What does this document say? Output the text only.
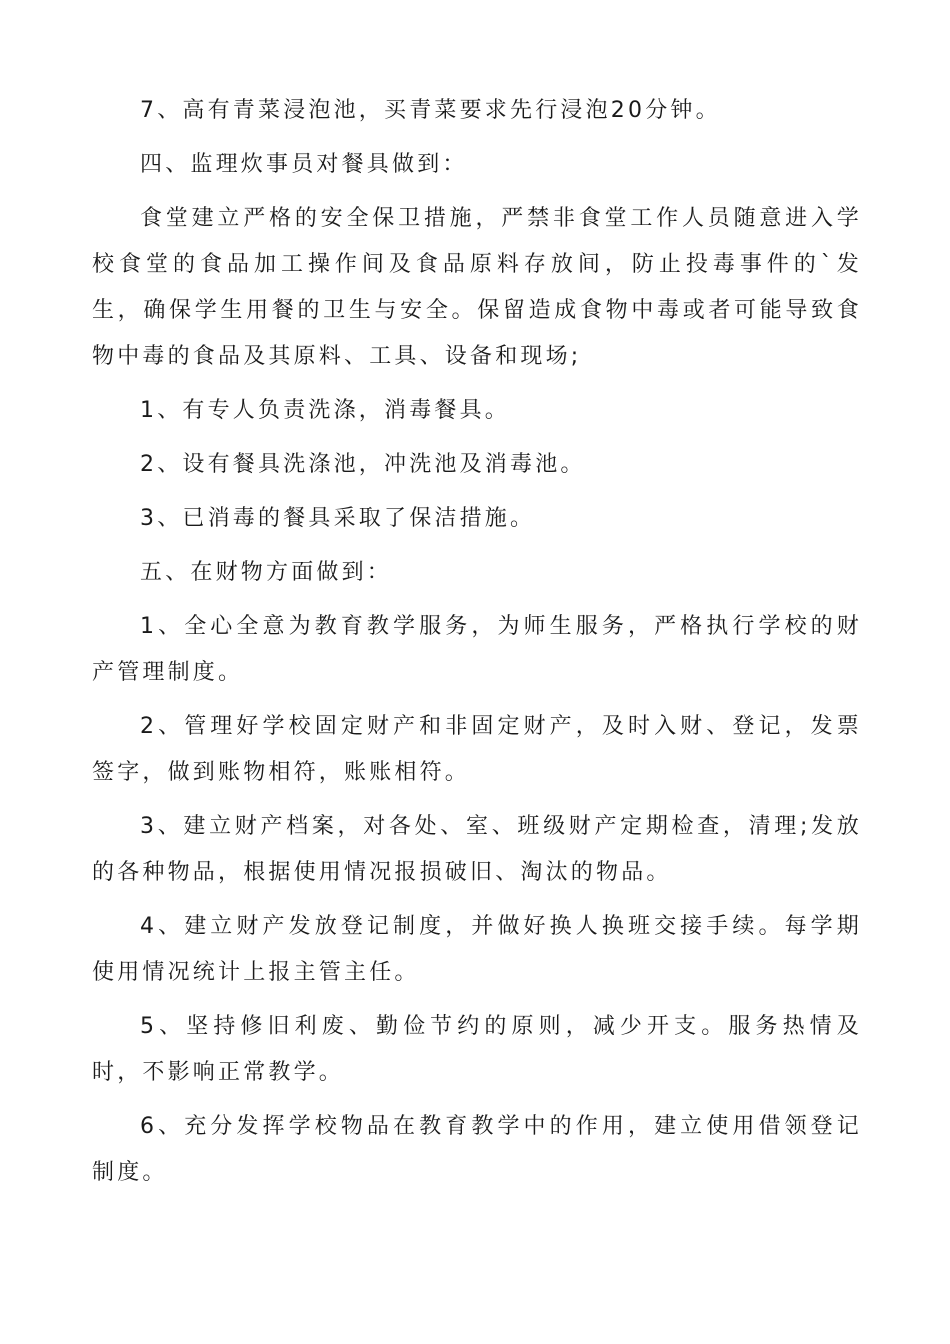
7、高有青菜浸泡池，买青菜要求先行浸泡20分钟。

四、监理炊事员对餐具做到：

食堂建立严格的安全保卫措施，严禁非食堂工作人员随意进入学校食堂的食品加工操作间及食品原料存放间，防止投毒事件的`发生，确保学生用餐的卫生与安全。保留造成食物中毒或者可能导致食物中毒的食品及其原料、工具、设备和现场;

1、有专人负责洗涤，消毒餐具。

2、设有餐具洗涤池，冲洗池及消毒池。

3、已消毒的餐具采取了保洁措施。

五、在财物方面做到：

1、全心全意为教育教学服务，为师生服务，严格执行学校的财产管理制度。

2、管理好学校固定财产和非固定财产，及时入财、登记，发票签字，做到账物相符，账账相符。

3、建立财产档案，对各处、室、班级财产定期检查，清理;发放的各种物品，根据使用情况报损破旧、淘汰的物品。

4、建立财产发放登记制度，并做好换人换班交接手续。每学期使用情况统计上报主管主任。

5、坚持修旧利废、勤俭节约的原则，减少开支。服务热情及时，不影响正常教学。

6、充分发挥学校物品在教育教学中的作用，建立使用借领登记制度。
